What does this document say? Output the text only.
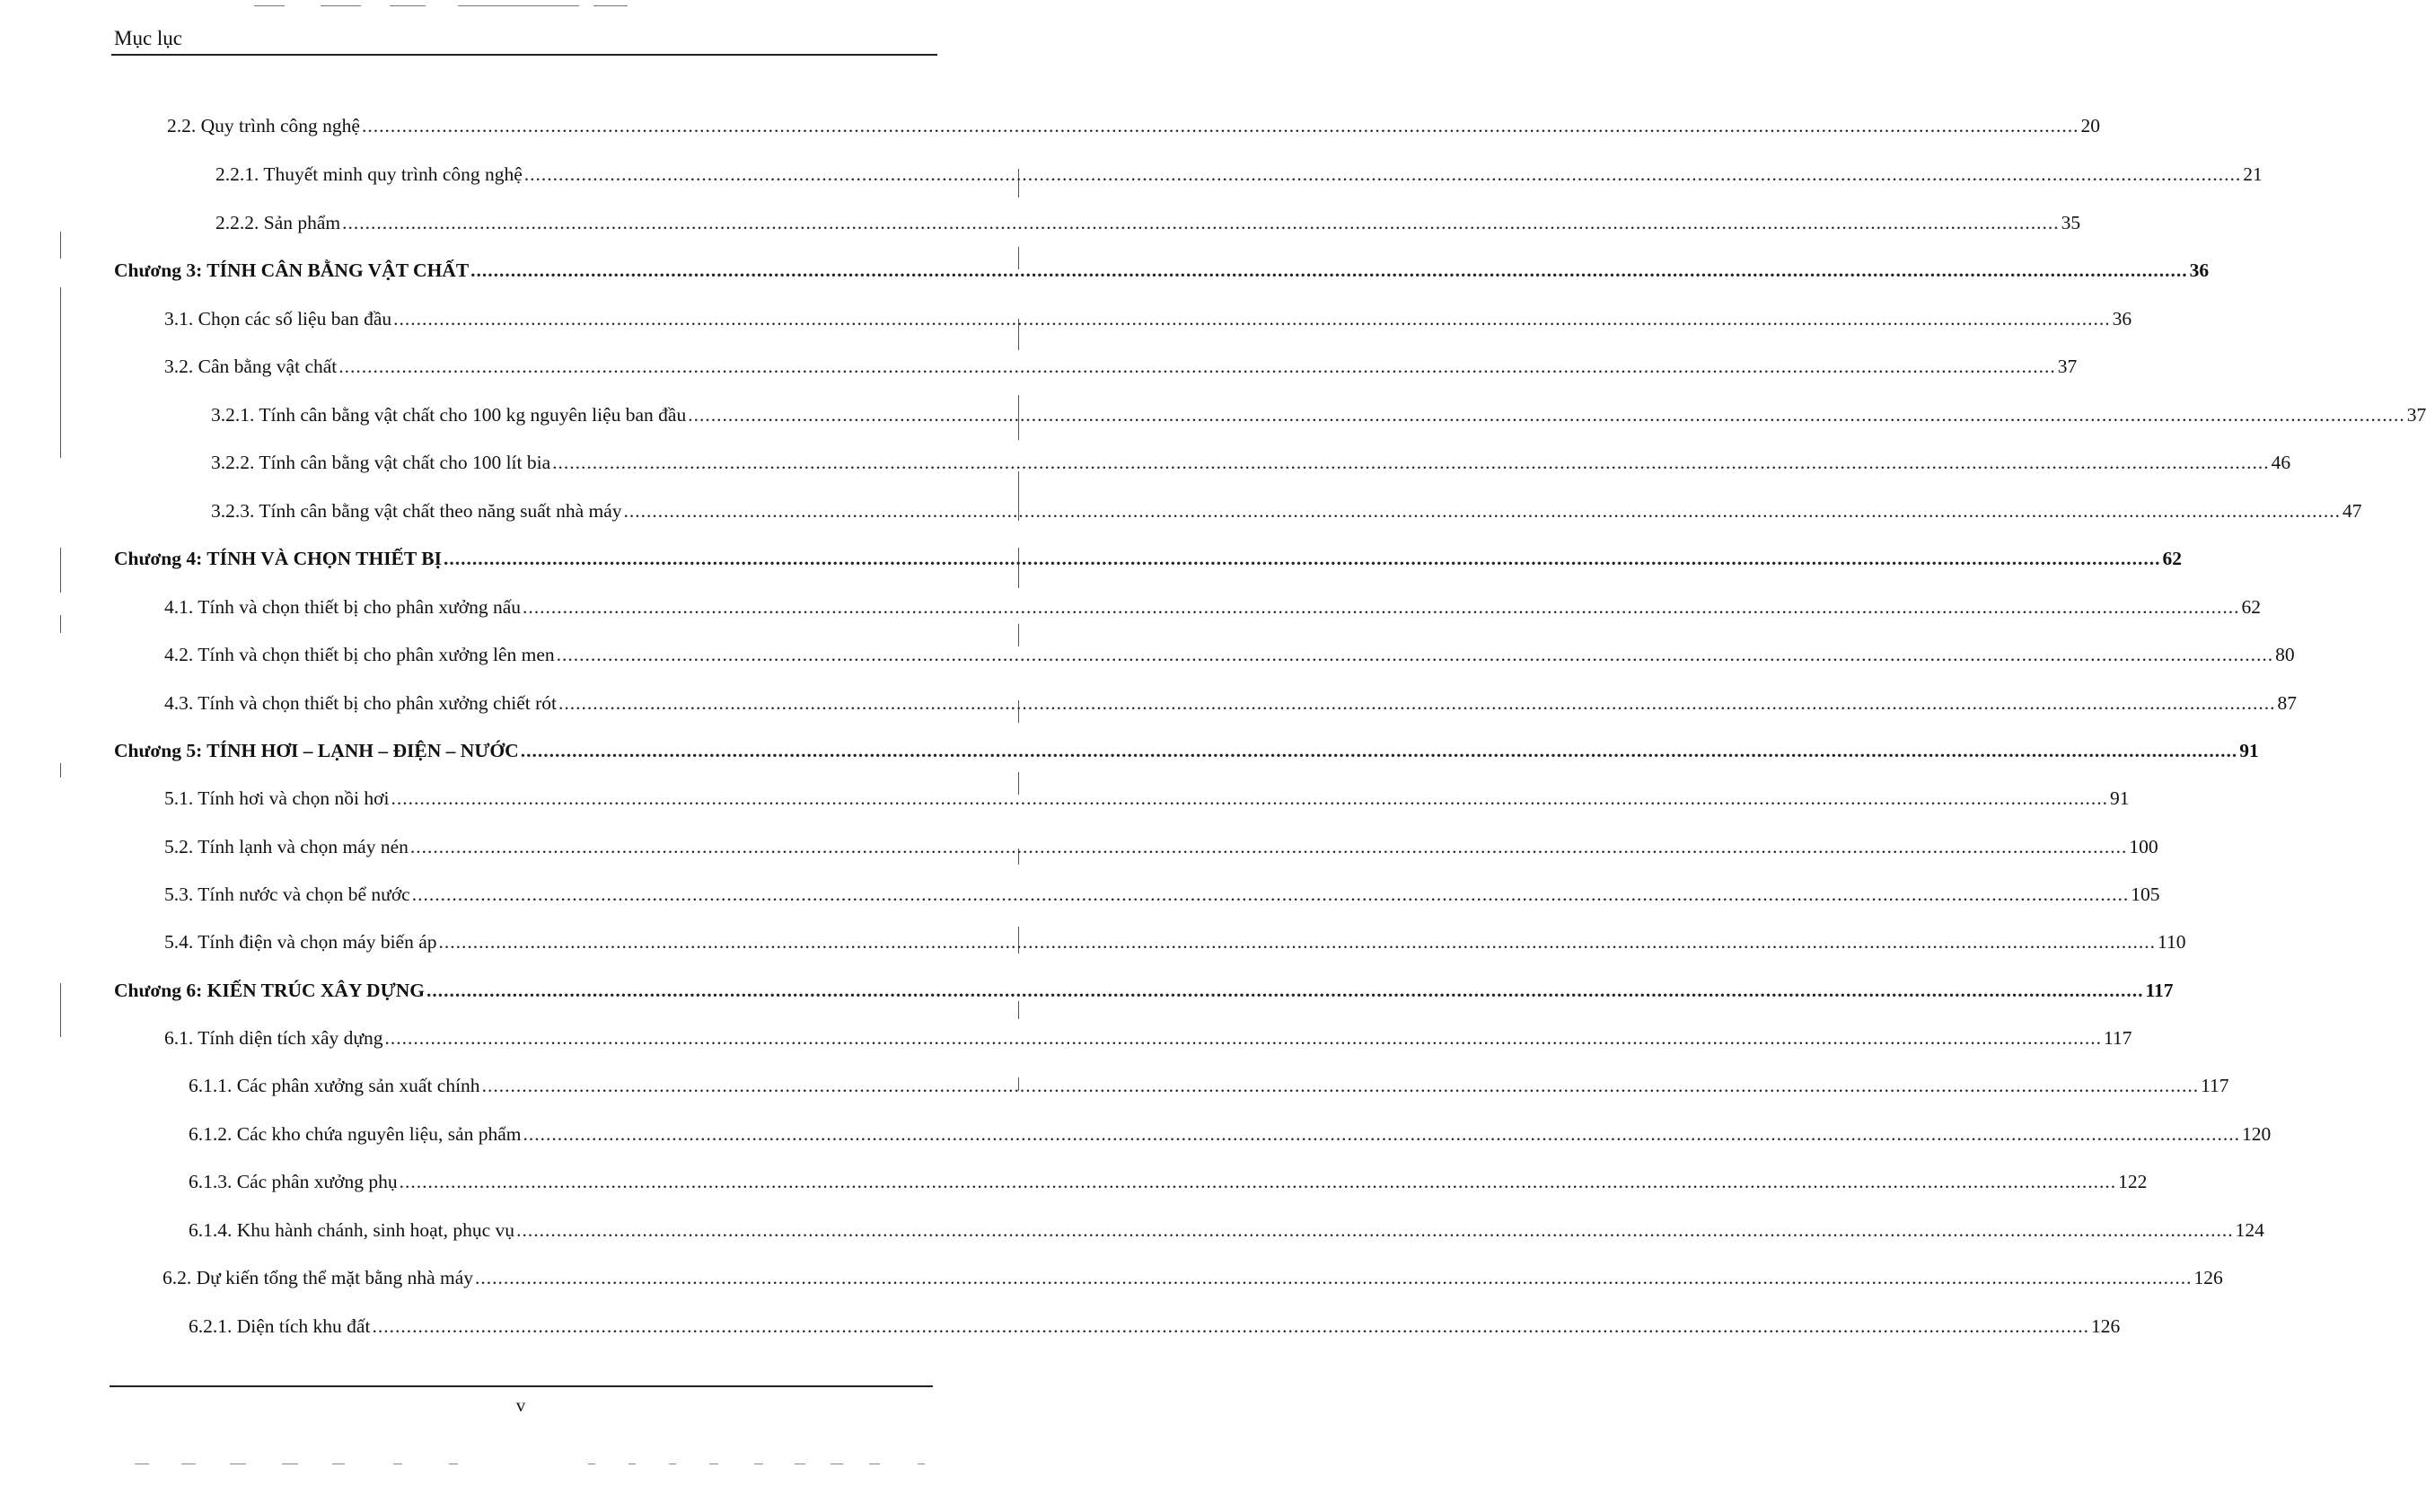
Mục lục
2.2. Quy trình công nghệ ............................................................................................................................................................................................................................................................................................................ 20
2.2.1. Thuyết minh quy trình công nghệ ............................................................................................................................................................................................................................................................................................................ 21
2.2.2. Sản phẩm ............................................................................................................................................................................................................................................................................................................ 35
Chương 3: TÍNH CÂN BẰNG VẬT CHẤT ............................................................................................................................................................................................................................................................................................................ 36
3.1. Chọn các số liệu ban đầu ............................................................................................................................................................................................................................................................................................................ 36
3.2. Cân bằng vật chất ............................................................................................................................................................................................................................................................................................................ 37
3.2.1. Tính cân bằng vật chất cho 100 kg nguyên liệu ban đầu ............................................................................................................................................................................................................................................................................................................ 37
3.2.2. Tính cân bằng vật chất cho 100 lít bia ............................................................................................................................................................................................................................................................................................................ 46
3.2.3. Tính cân bằng vật chất theo năng suất nhà máy ............................................................................................................................................................................................................................................................................................................ 47
Chương 4: TÍNH VÀ CHỌN THIẾT BỊ ............................................................................................................................................................................................................................................................................................................ 62
4.1. Tính và chọn thiết bị cho phân xưởng nấu ............................................................................................................................................................................................................................................................................................................ 62
4.2. Tính và chọn thiết bị cho phân xưởng lên men ............................................................................................................................................................................................................................................................................................................ 80
4.3. Tính và chọn thiết bị cho phân xưởng chiết rót ............................................................................................................................................................................................................................................................................................................ 87
Chương 5: TÍNH HƠI – LẠNH – ĐIỆN – NƯỚC ............................................................................................................................................................................................................................................................................................................ 91
5.1. Tính hơi và chọn nồi hơi ............................................................................................................................................................................................................................................................................................................ 91
5.2. Tính lạnh và chọn máy nén ............................................................................................................................................................................................................................................................................................................ 100
5.3. Tính nước và chọn bể nước ............................................................................................................................................................................................................................................................................................................ 105
5.4. Tính điện và chọn máy biến áp ............................................................................................................................................................................................................................................................................................................ 110
Chương 6: KIẾN TRÚC XÂY DỰNG ............................................................................................................................................................................................................................................................................................................ 117
6.1. Tính diện tích xây dựng ............................................................................................................................................................................................................................................................................................................ 117
6.1.1. Các phân xưởng sản xuất chính ............................................................................................................................................................................................................................................................................................................ 117
6.1.2. Các kho chứa nguyên liệu, sản phẩm ............................................................................................................................................................................................................................................................................................................ 120
6.1.3. Các phân xưởng phụ ............................................................................................................................................................................................................................................................................................................ 122
6.1.4. Khu hành chánh, sinh hoạt, phục vụ ............................................................................................................................................................................................................................................................................................................ 124
6.2. Dự kiến tổng thể mặt bằng nhà máy ............................................................................................................................................................................................................................................................................................................ 126
6.2.1. Diện tích khu đất ............................................................................................................................................................................................................................................................................................................ 126
v
